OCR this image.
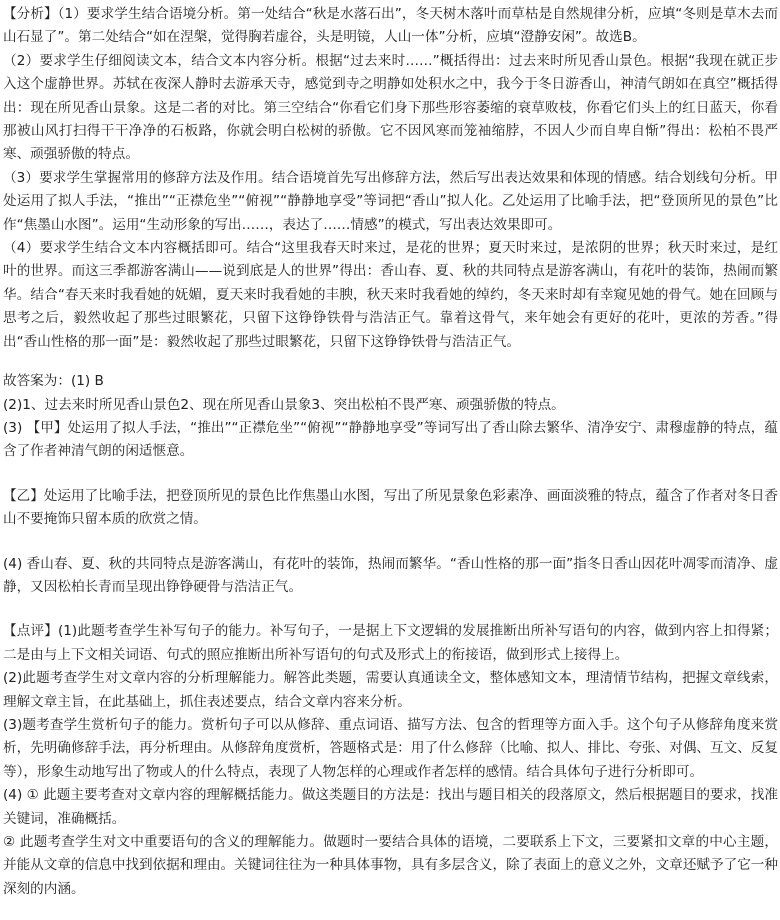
【分析】（1）要求学生结合语境分析。第一处结合“秋是水落石出”，冬天树木落叶而草枯是自然规律分析，应填“冬则是草木去而山石显了”。第二处结合“如在涅槃，觉得胸若虚谷，头是明镜，人山一体”分析，应填“澄静安闲”。故选B。

（2）要求学生仔细阅读文本，结合文本内容分析。根据“过去来时……”概括得出：过去来时所见香山景色。根据“我现在就正步入这个虚静世界。苏轼在夜深人静时去游承天寺，感觉到寺之明静如处积水之中，我今于冬日游香山，神清气朗如在真空”概括得出：现在所见香山景象。这是二者的对比。第三空结合“你看它们身下那些形容萎缩的衰草败枝，你看它们头上的红日蓝天，你看那被山风打扫得干干净净的石板路，你就会明白松树的骄傲。它不因风寒而笼袖缩脖，不因人少而自卑自惭”得出：松柏不畏严寒、顽强骄傲的特点。

（3）要求学生掌握常用的修辞方法及作用。结合语境首先写出修辞方法，然后写出表达效果和体现的情感。结合划线句分析。甲处运用了拟人手法，“推出”“正襟危坐”“俯视”“静静地享受”等词把“香山”拟人化。乙处运用了比喻手法，把“登顶所见的景色”比作“焦墨山水图”。运用“生动形象的写出……，表达了……情感”的模式，写出表达效果即可。

（4）要求学生结合文本内容概括即可。结合“这里我春天时来过，是花的世界；夏天时来过，是浓阴的世界；秋天时来过，是红叶的世界。而这三季都游客满山——说到底是人的世界”得出：香山春、夏、秋的共同特点是游客满山，有花叶的装饰，热闹而繁华。结合“春天来时我看她的妩媚，夏天来时我看她的丰腴，秋天来时我看她的绰约，冬天来时却有幸窥见她的骨气。她在回顾与思考之后，毅然收起了那些过眼繁花，只留下这铮铮铁骨与浩洁正气。靠着这骨气，来年她会有更好的花叶，更浓的芳香。”得出“香山性格的那一面”是：毅然收起了那些过眼繁花，只留下这铮铮铁骨与浩洁正气。

故答案为：(1) B

(2)1、过去来时所见香山景色2、现在所见香山景象3、突出松柏不畏严寒、顽强骄傲的特点。

(3) 【甲】处运用了拟人手法，“推出”“正襟危坐”“俯视”“静静地享受”等词写出了香山除去繁华、清净安宁、肃穆虚静的特点，蕴含了作者神清气朗的闲适惬意。

【乙】处运用了比喻手法，把登顶所见的景色比作焦墨山水图，写出了所见景象色彩素净、画面淡雅的特点，蕴含了作者对冬日香山不要掩饰只留本质的欣赏之情。

(4) 香山春、夏、秋的共同特点是游客满山，有花叶的装饰，热闹而繁华。“香山性格的那一面”指冬日香山因花叶凋零而清净、虚静，又因松柏长青而呈现出铮铮硬骨与浩洁正气。

【点评】(1)此题考查学生补写句子的能力。补写句子，一是据上下文逻辑的发展推断出所补写语句的内容，做到内容上扣得紧；二是由与上下文相关词语、句式的照应推断出所补写语句的句式及形式上的衔接语，做到形式上接得上。

(2)此题考查学生对文章内容的分析理解能力。解答此类题，需要认真通读全文，整体感知文本，理清情节结构，把握文章线索，理解文章主旨，在此基础上，抓住表述要点，结合文章内容来分析。

(3)题考查学生赏析句子的能力。赏析句子可以从修辞、重点词语、描写方法、包含的哲理等方面入手。这个句子从修辞角度来赏析，先明确修辞手法，再分析理由。从修辞角度赏析，答题格式是：用了什么修辞（比喻、拟人、排比、夸张、对偶、互文、反复等），形象生动地写出了物或人的什么特点，表现了人物怎样的心理或作者怎样的感情。结合具体句子进行分析即可。

(4) ① 此题主要考查对文章内容的理解概括能力。做这类题目的方法是：找出与题目相关的段落原文，然后根据题目的要求，找准关键词，准确概括。

② 此题考查学生对文中重要语句的含义的理解能力。做题时一要结合具体的语境，二要联系上下文，三要紧扣文章的中心主题，并能从文章的信息中找到依据和理由。关键词往往为一种具体事物，具有多层含义，除了表面上的意义之外，文章还赋予了它一种深刻的内涵。
